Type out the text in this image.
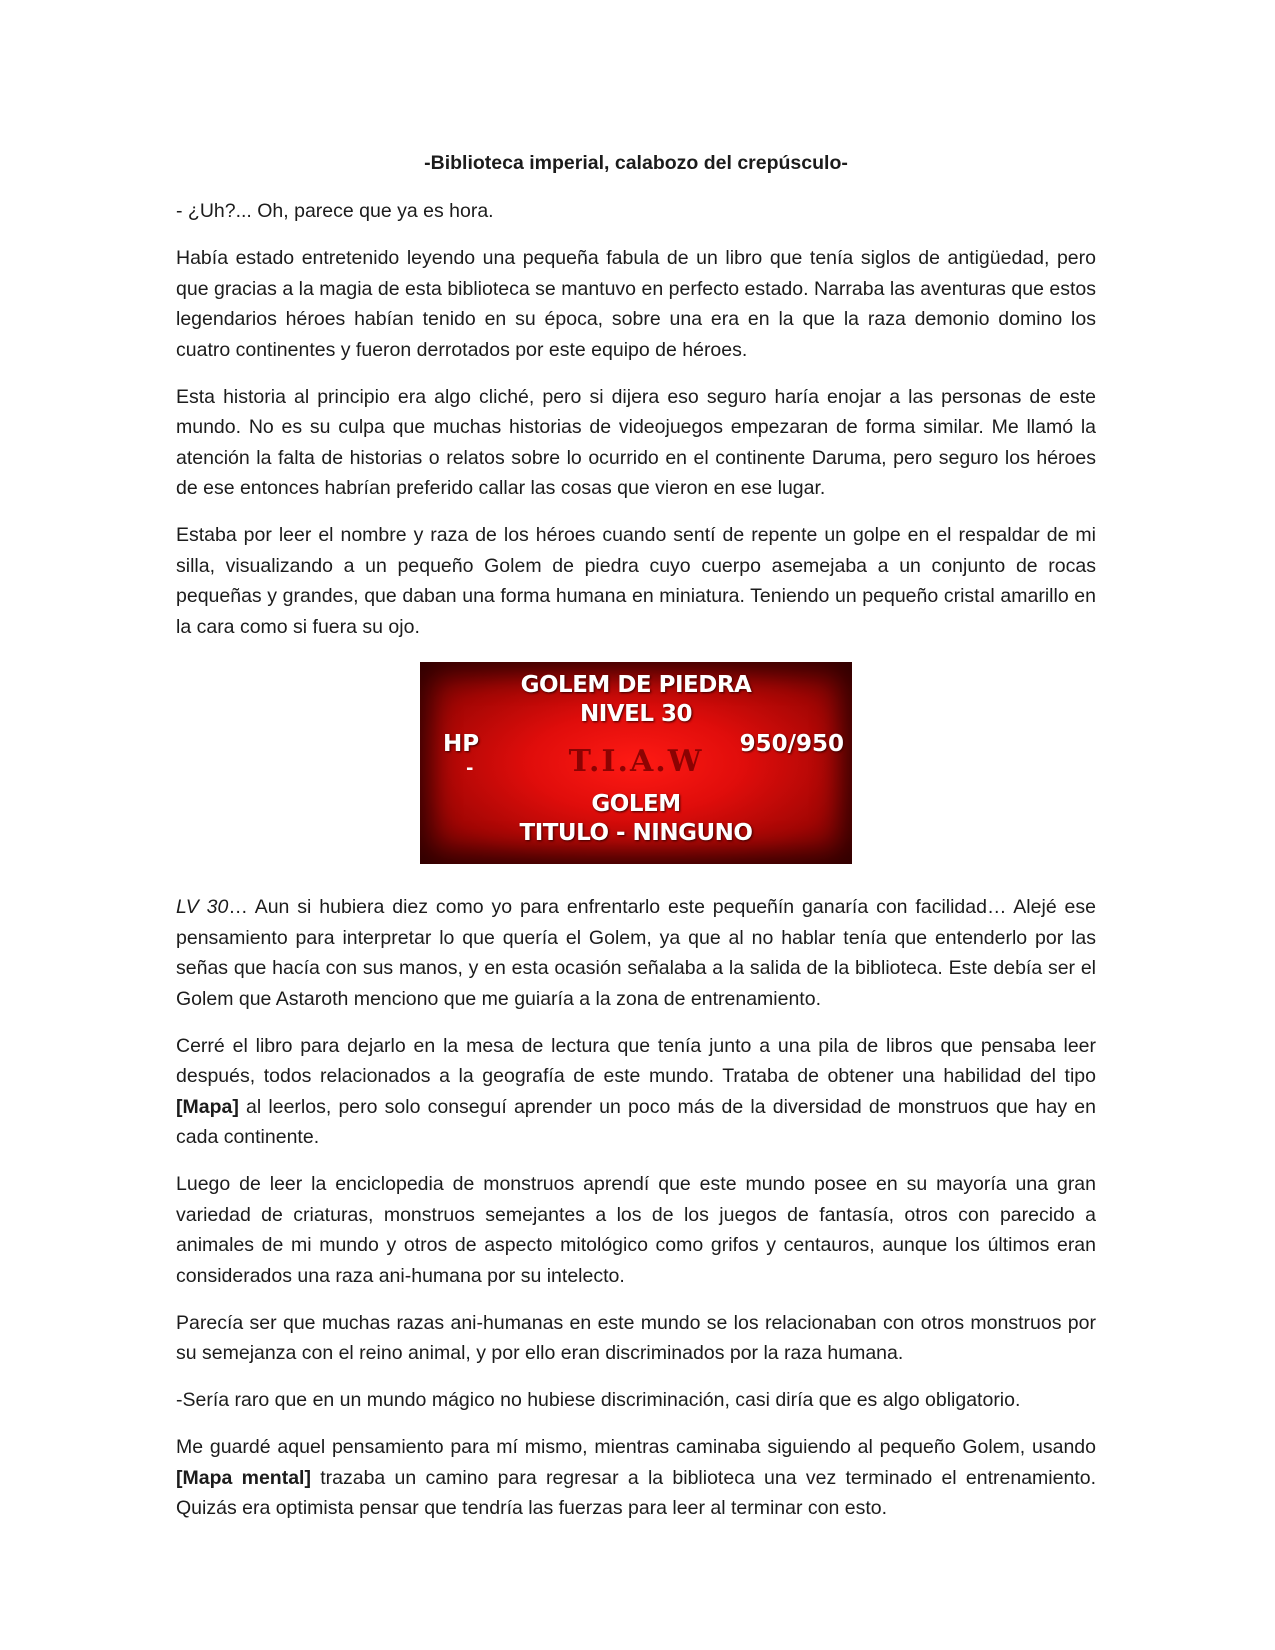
-Biblioteca imperial, calabozo del crepúsculo-

- ¿Uh?... Oh, parece que ya es hora.

Había estado entretenido leyendo una pequeña fabula de un libro que tenía siglos de antigüedad, pero que gracias a la magia de esta biblioteca se mantuvo en perfecto estado. Narraba las aventuras que estos legendarios héroes habían tenido en su época, sobre una era en la que la raza demonio domino los cuatro continentes y fueron derrotados por este equipo de héroes.

Esta historia al principio era algo cliché, pero si dijera eso seguro haría enojar a las personas de este mundo. No es su culpa que muchas historias de videojuegos empezaran de forma similar. Me llamó la atención la falta de historias o relatos sobre lo ocurrido en el continente Daruma, pero seguro los héroes de ese entonces habrían preferido callar las cosas que vieron en ese lugar.

Estaba por leer el nombre y raza de los héroes cuando sentí de repente un golpe en el respaldar de mi silla, visualizando a un pequeño Golem de piedra cuyo cuerpo asemejaba a un conjunto de rocas pequeñas y grandes, que daban una forma humana en miniatura. Teniendo un pequeño cristal amarillo en la cara como si fuera su ojo.

T.I.A.W
GOLEM DE PIEDRA
NIVEL 30
HP
-
950/950
GOLEM
TITULO - NINGUNO

LV 30… Aun si hubiera diez como yo para enfrentarlo este pequeñín ganaría con facilidad… Alejé ese pensamiento para interpretar lo que quería el Golem, ya que al no hablar tenía que entenderlo por las señas que hacía con sus manos, y en esta ocasión señalaba a la salida de la biblioteca. Este debía ser el Golem que Astaroth menciono que me guiaría a la zona de entrenamiento.

Cerré el libro para dejarlo en la mesa de lectura que tenía junto a una pila de libros que pensaba leer después, todos relacionados a la geografía de este mundo. Trataba de obtener una habilidad del tipo [Mapa] al leerlos, pero solo conseguí aprender un poco más de la diversidad de monstruos que hay en cada continente.

Luego de leer la enciclopedia de monstruos aprendí que este mundo posee en su mayoría una gran variedad de criaturas, monstruos semejantes a los de los juegos de fantasía, otros con parecido a animales de mi mundo y otros de aspecto mitológico como grifos y centauros, aunque los últimos eran considerados una raza ani-humana por su intelecto.

Parecía ser que muchas razas ani-humanas en este mundo se los relacionaban con otros monstruos por su semejanza con el reino animal, y por ello eran discriminados por la raza humana.

-Sería raro que en un mundo mágico no hubiese discriminación, casi diría que es algo obligatorio.

Me guardé aquel pensamiento para mí mismo, mientras caminaba siguiendo al pequeño Golem, usando [Mapa mental] trazaba un camino para regresar a la biblioteca una vez terminado el entrenamiento. Quizás era optimista pensar que tendría las fuerzas para leer al terminar con esto.
